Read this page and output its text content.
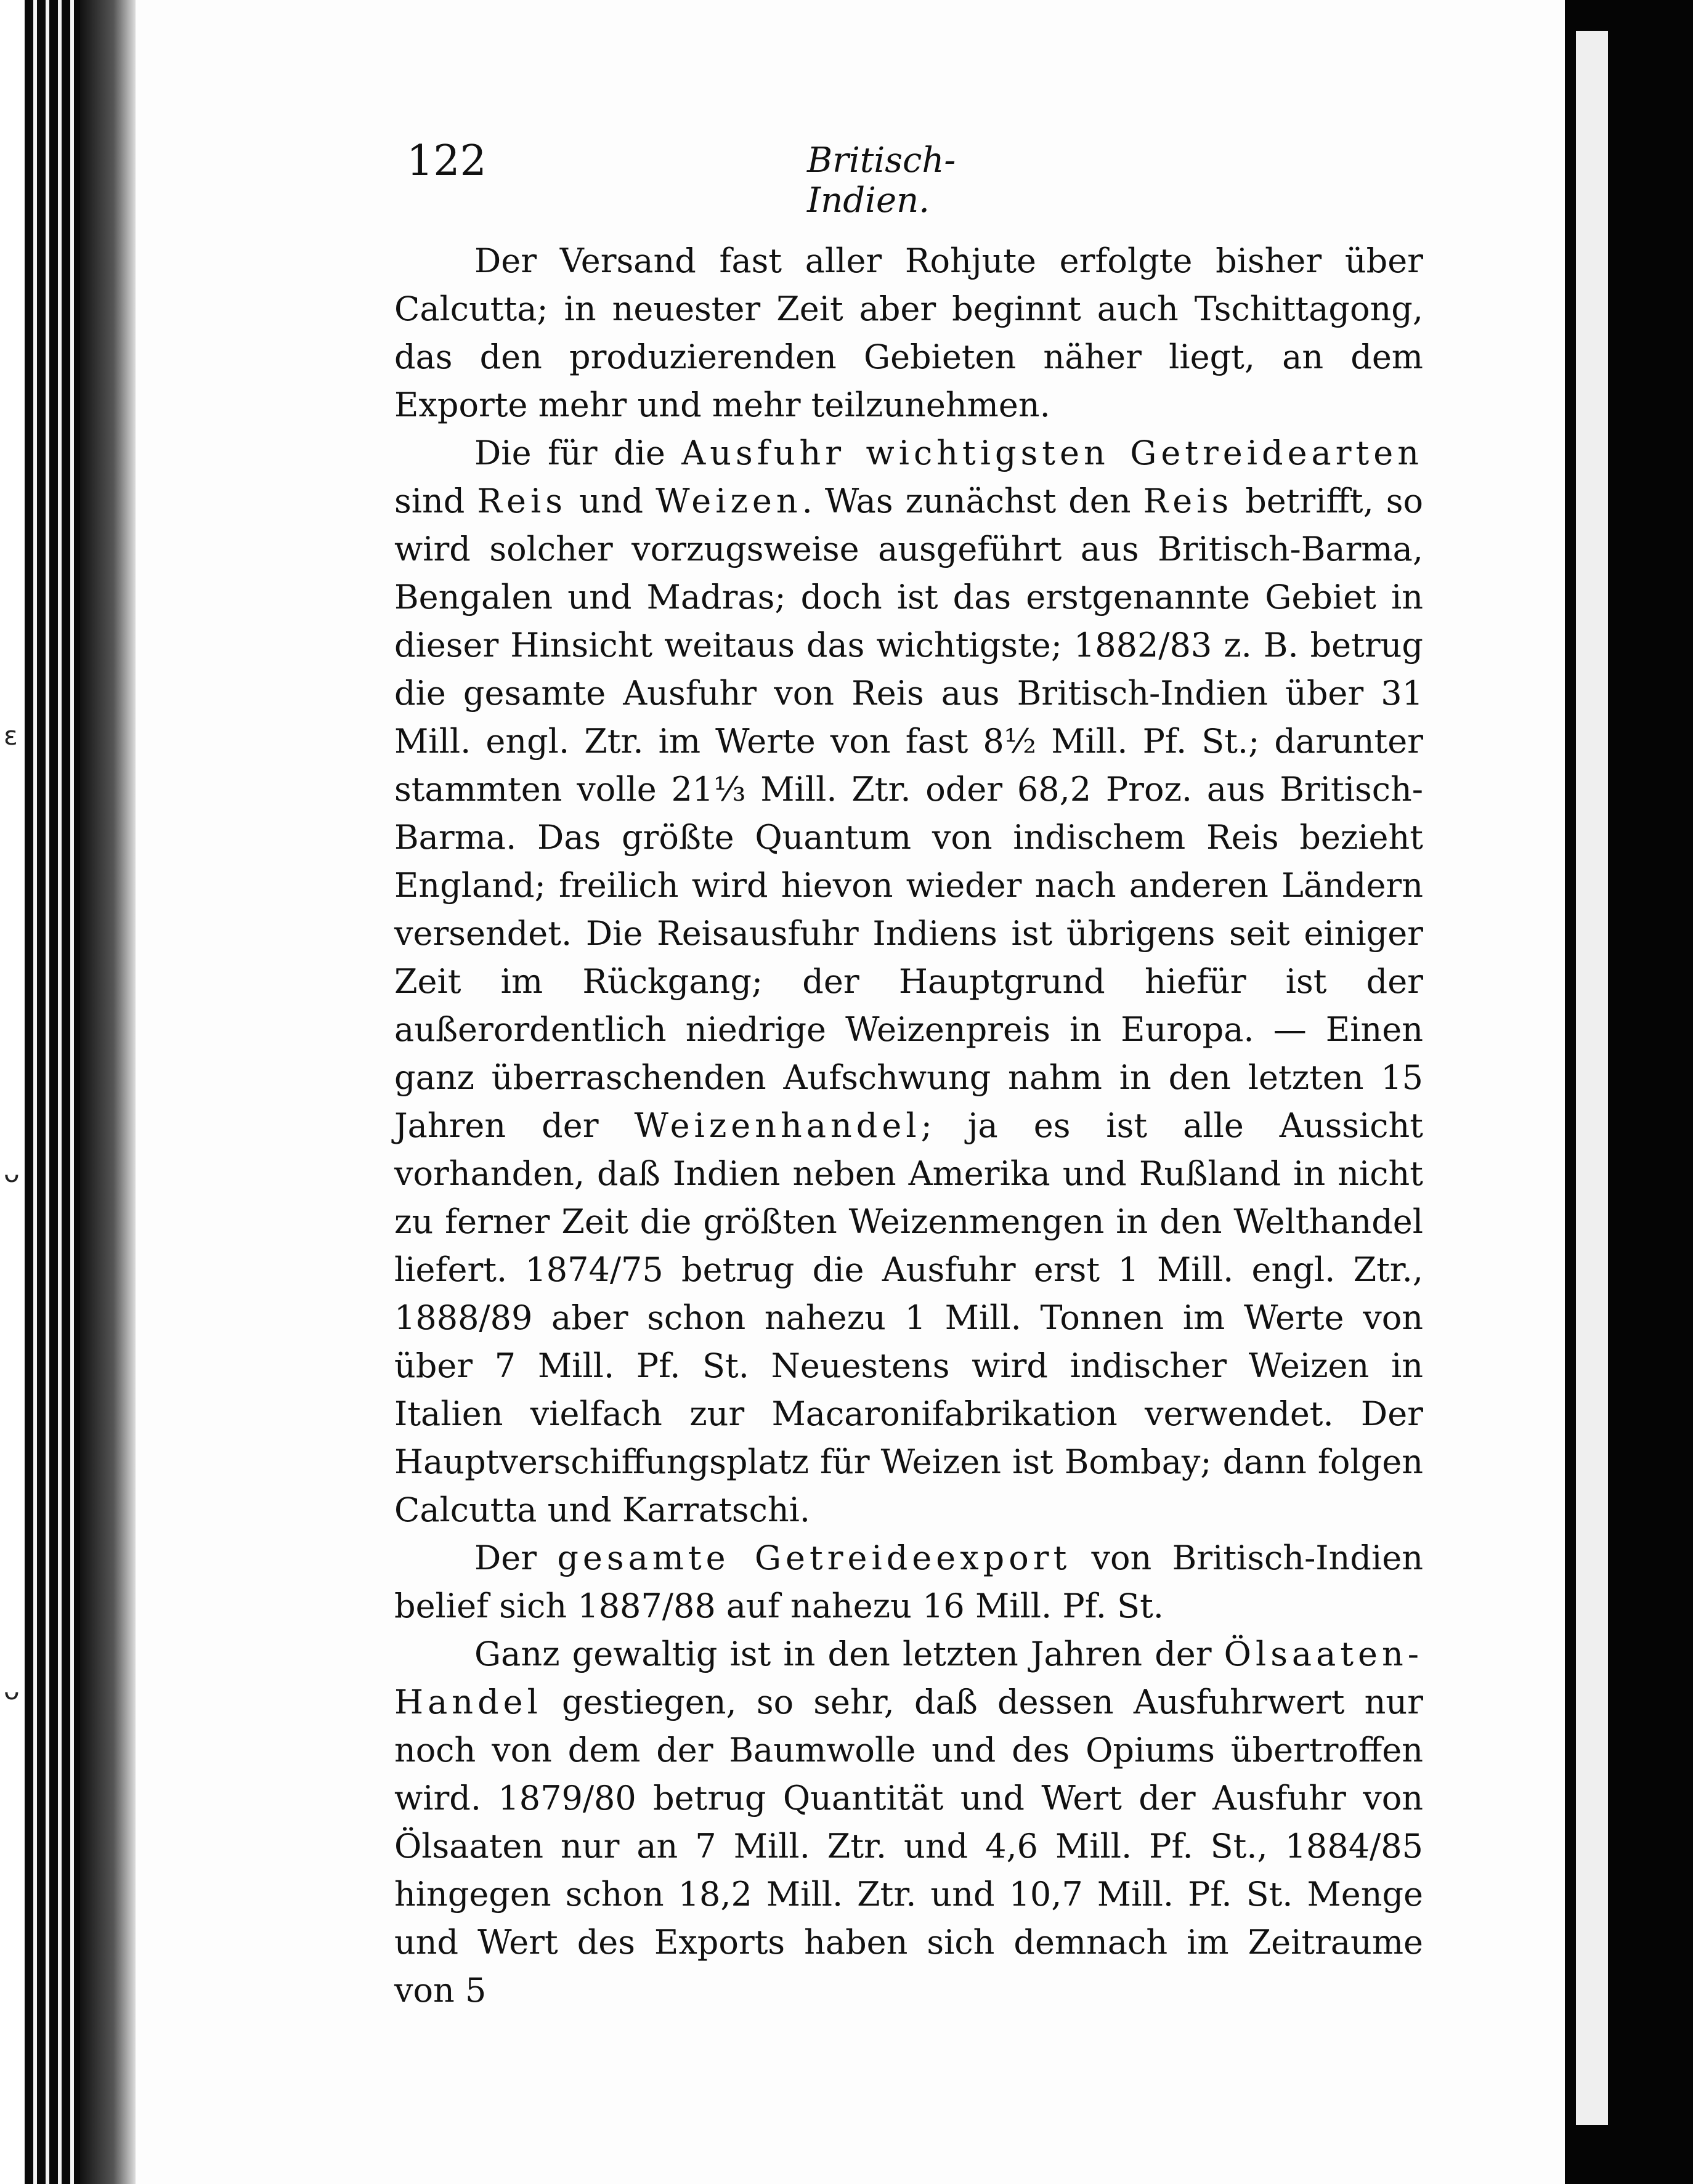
ɛ
ᴗ
ᴗ
122	Britisch-Indien.

Der Versand fast aller Rohjute erfolgte bisher über Calcutta; in neuester Zeit aber beginnt auch Tschittagong, das den produzierenden Gebieten näher liegt, an dem Exporte mehr und mehr teilzunehmen.

Die für die Ausfuhr wichtigsten Getreidearten sind Reis und Weizen. Was zunächst den Reis betrifft, so wird solcher vorzugsweise ausgeführt aus Britisch-Barma, Bengalen und Madras; doch ist das erstgenannte Gebiet in dieser Hinsicht weitaus das wichtigste; 1882/83 z. B. betrug die gesamte Ausfuhr von Reis aus Britisch-Indien über 31 Mill. engl. Ztr. im Werte von fast 8½ Mill. Pf. St.; darunter stammten volle 21⅓ Mill. Ztr. oder 68,2 Proz. aus Britisch-Barma. Das größte Quantum von indischem Reis bezieht England; freilich wird hievon wieder nach anderen Ländern versendet. Die Reisausfuhr Indiens ist übrigens seit einiger Zeit im Rückgang; der Hauptgrund hiefür ist der außerordentlich niedrige Weizenpreis in Europa. — Einen ganz überraschenden Aufschwung nahm in den letzten 15 Jahren der Weizenhandel; ja es ist alle Aussicht vorhanden, daß Indien neben Amerika und Rußland in nicht zu ferner Zeit die größten Weizenmengen in den Welthandel liefert. 1874/75 betrug die Ausfuhr erst 1 Mill. engl. Ztr., 1888/89 aber schon nahezu 1 Mill. Tonnen im Werte von über 7 Mill. Pf. St. Neuestens wird indischer Weizen in Italien vielfach zur Macaronifabrikation verwendet. Der Hauptverschiffungsplatz für Weizen ist Bombay; dann folgen Calcutta und Karratschi.

Der gesamte Getreideexport von Britisch-Indien belief sich 1887/88 auf nahezu 16 Mill. Pf. St.

Ganz gewaltig ist in den letzten Jahren der Ölsaaten-Handel gestiegen, so sehr, daß dessen Ausfuhrwert nur noch von dem der Baumwolle und des Opiums übertroffen wird. 1879/80 betrug Quantität und Wert der Ausfuhr von Ölsaaten nur an 7 Mill. Ztr. und 4,6 Mill. Pf. St., 1884/85 hingegen schon 18,2 Mill. Ztr. und 10,7 Mill. Pf. St. Menge und Wert des Exports haben sich demnach im Zeitraume von 5
